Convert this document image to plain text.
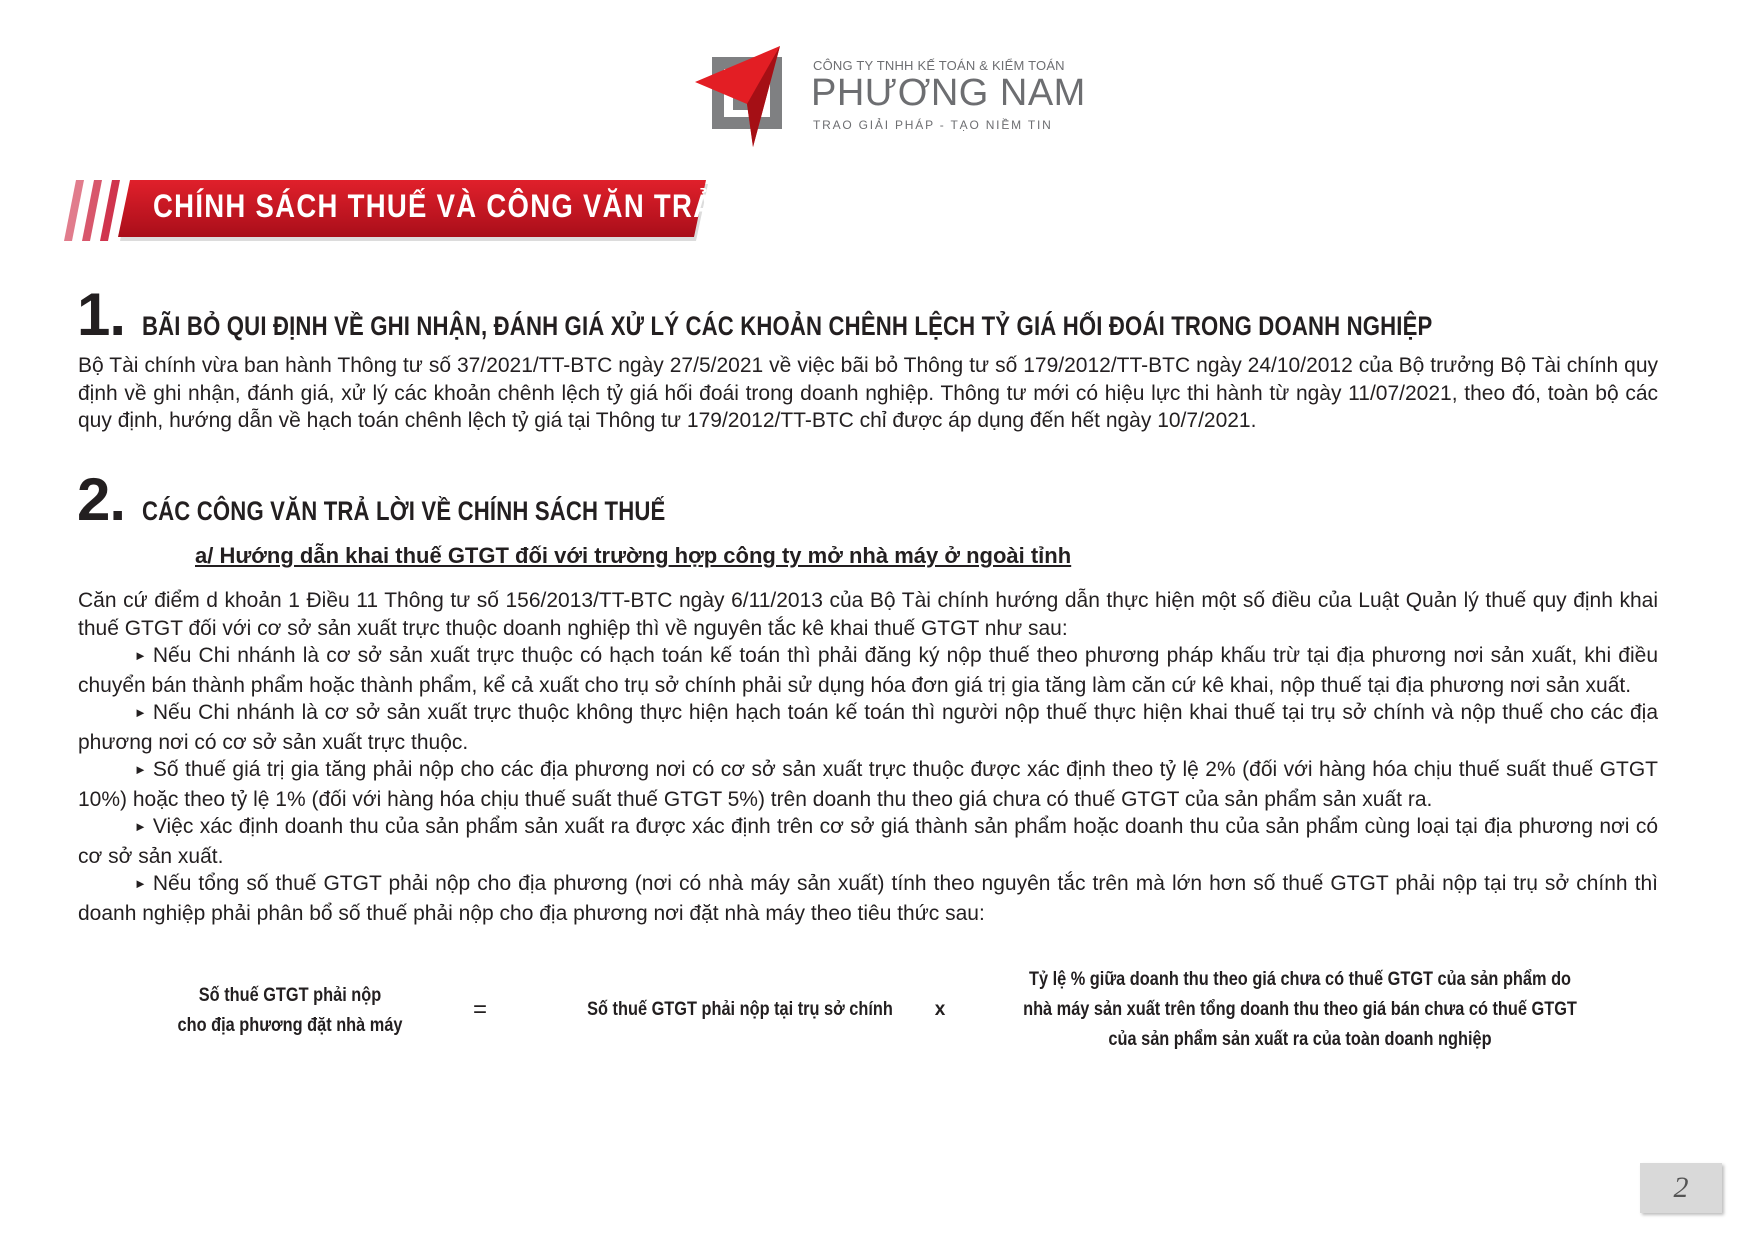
CÔNG TY TNHH KẾ TOÁN & KIỂM TOÁN
PHƯƠNG NAM
TRAO GIẢI PHÁP - TẠO NIỀM TIN
CHÍNH SÁCH THUẾ VÀ CÔNG VĂN TRẢ LỜI
1. BÃI BỎ QUI ĐỊNH VỀ GHI NHẬN, ĐÁNH GIÁ XỬ LÝ CÁC KHOẢN CHÊNH LỆCH TỶ GIÁ HỐI ĐOÁI TRONG DOANH NGHIỆP

Bộ Tài chính vừa ban hành Thông tư số 37/2021/TT-BTC ngày 27/5/2021 về việc bãi bỏ Thông tư số 179/2012/TT-BTC ngày 24/10/2012 của Bộ trưởng Bộ Tài chính quy định về ghi nhận, đánh giá, xử lý các khoản chênh lệch tỷ giá hối đoái trong doanh nghiệp. Thông tư mới có hiệu lực thi hành từ ngày 11/07/2021, theo đó, toàn bộ các quy định, hướng dẫn về hạch toán chênh lệch tỷ giá tại Thông tư 179/2012/TT-BTC chỉ được áp dụng đến hết ngày 10/7/2021.

2. CÁC CÔNG VĂN TRẢ LỜI VỀ CHÍNH SÁCH THUẾ
a/ Hướng dẫn khai thuế GTGT đối với trường hợp công ty mở nhà máy ở ngoài tỉnh

Căn cứ điểm d khoản 1 Điều 11 Thông tư số 156/2013/TT-BTC ngày 6/11/2013 của Bộ Tài chính hướng dẫn thực hiện một số điều của Luật Quản lý thuế quy định khai thuế GTGT đối với cơ sở sản xuất trực thuộc doanh nghiệp thì về nguyên tắc kê khai thuế GTGT như sau:

► Nếu Chi nhánh là cơ sở sản xuất trực thuộc có hạch toán kế toán thì phải đăng ký nộp thuế theo phương pháp khấu trừ tại địa phương nơi sản xuất, khi điều chuyển bán thành phẩm hoặc thành phẩm, kể cả xuất cho trụ sở chính phải sử dụng hóa đơn giá trị gia tăng làm căn cứ kê khai, nộp thuế tại địa phương nơi sản xuất.

► Nếu Chi nhánh là cơ sở sản xuất trực thuộc không thực hiện hạch toán kế toán thì người nộp thuế thực hiện khai thuế tại trụ sở chính và nộp thuế cho các địa phương nơi có cơ sở sản xuất trực thuộc.

► Số thuế giá trị gia tăng phải nộp cho các địa phương nơi có cơ sở sản xuất trực thuộc được xác định theo tỷ lệ 2% (đối với hàng hóa chịu thuế suất thuế GTGT 10%) hoặc theo tỷ lệ 1% (đối với hàng hóa chịu thuế suất thuế GTGT 5%) trên doanh thu theo giá chưa có thuế GTGT của sản phẩm sản xuất ra.

► Việc xác định doanh thu của sản phẩm sản xuất ra được xác định trên cơ sở giá thành sản phẩm hoặc doanh thu của sản phẩm cùng loại tại địa phương nơi có cơ sở sản xuất.

► Nếu tổng số thuế GTGT phải nộp cho địa phương (nơi có nhà máy sản xuất) tính theo nguyên tắc trên mà lớn hơn số thuế GTGT phải nộp tại trụ sở chính thì doanh nghiệp phải phân bổ số thuế phải nộp cho địa phương nơi đặt nhà máy theo tiêu thức sau:

Số thuế GTGT phải nộp
cho địa phương đặt nhà máy
=	Số thuế GTGT phải nộp tại trụ sở chính	x
Tỷ lệ % giữa doanh thu theo giá chưa có thuế GTGT của sản phẩm do
nhà máy sản xuất trên tổng doanh thu theo giá bán chưa có thuế GTGT
của sản phẩm sản xuất ra của toàn doanh nghiệp
2
